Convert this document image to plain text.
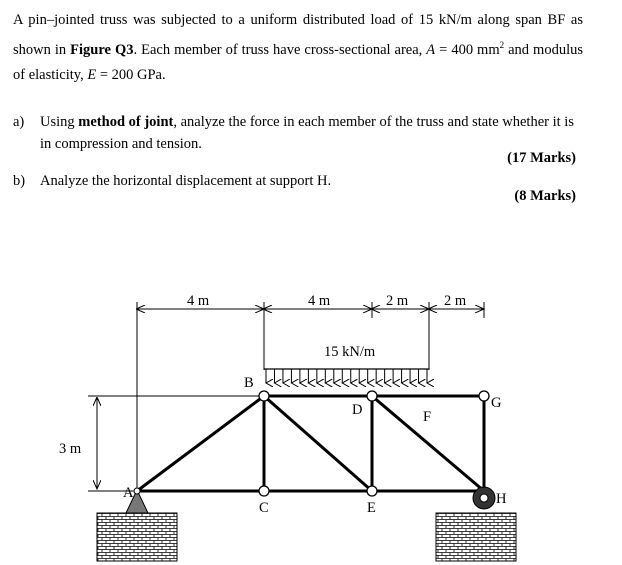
A pin–jointed truss was subjected to a uniform distributed load of 15 kN/m along span BF as shown in Figure Q3. Each member of truss have cross-sectional area, A = 400 $mm^2$ and modulus of elasticity, E = 200 GPa.
a) Using method of joint, analyze the force in each member of the truss and state whether it is in compression and tension.
(17 Marks)
b) Analyze the horizontal displacement at support H.
(8 Marks)
4 m	4 m	2 m 2 m
3 m
15 kN/m
A
B
C
D
E
F
G
H
